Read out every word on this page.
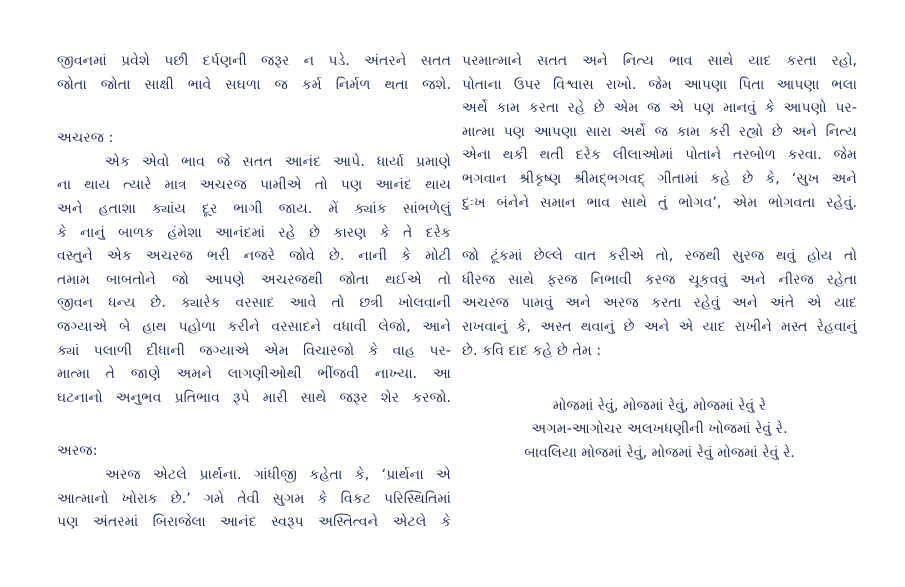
જીવનમાં પ્રવેશે પછી દર્પણની જરૂર ન પડે. અંતરને સતત
જોતા જોતા સાક્ષી ભાવે સઘળા જ કર્મ નિર્મળ થતા જશે.
અચરજ :
એક એવો ભાવ જે સતત આનંદ આપે. ધાર્યા પ્રમાણે
ના થાય ત્યારે માત્ર અચરજ પામીએ તો પણ આનંદ થાય
અને હતાશા ક્યાંય દૂર ભાગી જાય. મેં ક્યાંક સાંભળેલું
કે નાનું બાળક હંમેશા આનંદમાં રહે છે કારણ કે તે દરેક
વસ્તુને એક અચરજ ભરી નજરે જોવે છે. નાની કે મોટી
તમામ બાબતોને જો આપણે અચરજથી જોતા થઈએ તો
જીવન ધન્ય છે. ક્યારેક વરસાદ આવે તો છત્રી ખોલવાની
જગ્યાએ બે હાથ પહોળા કરીને વરસાદને વધાવી લેજો, આને
ક્યાં પલાળી દીધાની જગ્યાએ એમ વિચારજો કે વાહ પર-
માત્મા તે જાણે અમને લાગણીઓથી ભીંજવી નાખ્યા. આ
ઘટનાનો અનુભવ પ્રતિભાવ રૂપે મારી સાથે જરૂર શેર કરજો.
અરજ:
અરજ એટલે પ્રાર્થના. ગાંધીજી કહેતા કે, ‘પ્રાર્થના એ
આત્માનો ખોરાક છે.’ ગમે તેવી સુગમ કે વિકટ પરિસ્થિતિમાં
પણ અંતરમાં બિરાજેલા આનંદ સ્વરૂપ અસ્તિત્વને એટલે કે
પરમાત્માને સતત અને નિત્ય ભાવ સાથે યાદ કરતા રહો,
પોતાના ઉપર વિશ્વાસ રાખો. જેમ આપણા પિતા આપણા ભલા
અર્થે કામ કરતા રહે છે એમ જ એ પણ માનવું કે આપણો પર-
માત્મા પણ આપણા સારા અર્થે જ કામ કરી રહ્યો છે અને નિત્ય
એના થકી થતી દરેક લીલાઓમાં પોતાને તરબોળ કરવા. જેમ
ભગવાન શ્રીકૃષ્ણ શ્રીમદ્ભગવદ્ ગીતામાં કહે છે કે, ‘સુખ અને
દુઃખ બંનેને સમાન ભાવ સાથે તું ભોગવ’, એમ ભોગવતા રહેવું.
જો ટૂંકમાં છેલ્લે વાત કરીએ તો, રજથી સુરજ થવું હોય તો
ધીરજ સાથે ફરજ નિભાવી કરજ ચૂકવવું અને નીરજ રહેતા
અચરજ પામવું અને અરજ કરતા રહેવું અને અંતે એ યાદ
રાખવાનું કે, અસ્ત થવાનું છે અને એ યાદ રાખીને મસ્ત રેહવાનું
છે. કવિ દાદ કહે છે તેમ :
મોજમાં રેવું, મોજમાં રેવું, મોજમાં રેવું રે
અગમ-આગોચર અલખધણીની ખોજમાં રેવું રે.
બાવલિયા મોજમાં રેવું, મોજમાં રેવું મોજમાં રેવું રે.
